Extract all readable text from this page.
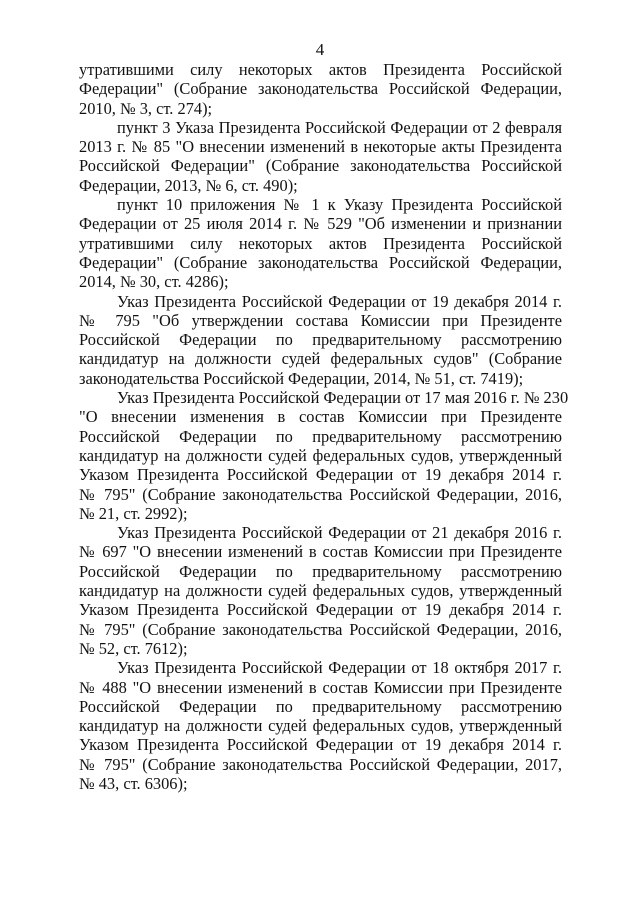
4
утратившими силу некоторых актов Президента Российской
Федерации" (Собрание законодательства Российской Федерации,
2010, № 3, ст. 274);
пункт 3 Указа Президента Российской Федерации от 2 февраля
2013 г. № 85 "О внесении изменений в некоторые акты Президента
Российской Федерации" (Собрание законодательства Российской
Федерации, 2013, № 6, ст. 490);
пункт 10 приложения № 1 к Указу Президента Российской
Федерации от 25 июля 2014 г. № 529 "Об изменении и признании
утратившими силу некоторых актов Президента Российской
Федерации" (Собрание законодательства Российской Федерации,
2014, № 30, ст. 4286);
Указ Президента Российской Федерации от 19 декабря 2014 г.
№ 795 "Об утверждении состава Комиссии при Президенте
Российской Федерации по предварительному рассмотрению
кандидатур на должности судей федеральных судов" (Собрание
законодательства Российской Федерации, 2014, № 51, ст. 7419);
Указ Президента Российской Федерации от 17 мая 2016 г. № 230
"О внесении изменения в состав Комиссии при Президенте
Российской Федерации по предварительному рассмотрению
кандидатур на должности судей федеральных судов, утвержденный
Указом Президента Российской Федерации от 19 декабря 2014 г.
№ 795" (Собрание законодательства Российской Федерации, 2016,
№ 21, ст. 2992);
Указ Президента Российской Федерации от 21 декабря 2016 г.
№ 697 "О внесении изменений в состав Комиссии при Президенте
Российской Федерации по предварительному рассмотрению
кандидатур на должности судей федеральных судов, утвержденный
Указом Президента Российской Федерации от 19 декабря 2014 г.
№ 795" (Собрание законодательства Российской Федерации, 2016,
№ 52, ст. 7612);
Указ Президента Российской Федерации от 18 октября 2017 г.
№ 488 "О внесении изменений в состав Комиссии при Президенте
Российской Федерации по предварительному рассмотрению
кандидатур на должности судей федеральных судов, утвержденный
Указом Президента Российской Федерации от 19 декабря 2014 г.
№ 795" (Собрание законодательства Российской Федерации, 2017,
№ 43, ст. 6306);
